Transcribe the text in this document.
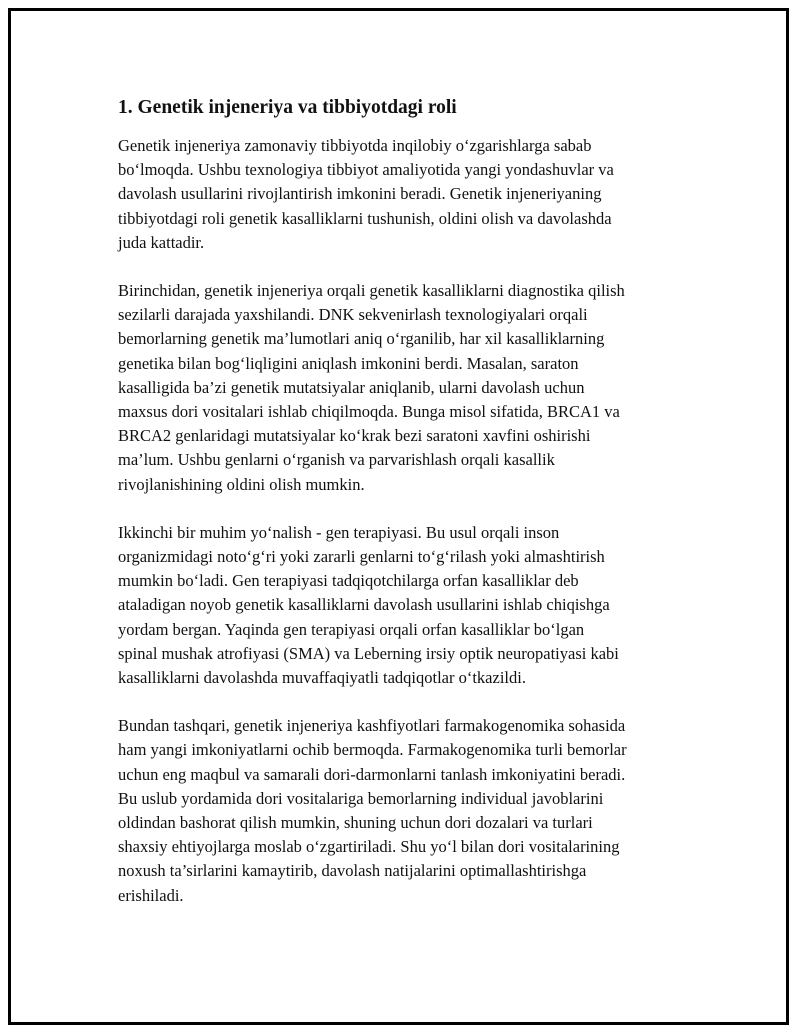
1. Genetik injeneriya va tibbiyotdagi roli

Genetik injeneriya zamonaviy tibbiyotda inqilobiy o‘zgarishlarga sabab
bo‘lmoqda. Ushbu texnologiya tibbiyot amaliyotida yangi yondashuvlar va
davolash usullarini rivojlantirish imkonini beradi. Genetik injeneriyaning
tibbiyotdagi roli genetik kasalliklarni tushunish, oldini olish va davolashda
juda kattadir.

Birinchidan, genetik injeneriya orqali genetik kasalliklarni diagnostika qilish
sezilarli darajada yaxshilandi. DNK sekvenirlash texnologiyalari orqali
bemorlarning genetik ma’lumotlari aniq o‘rganilib, har xil kasalliklarning
genetika bilan bog‘liqligini aniqlash imkonini berdi. Masalan, saraton
kasalligida ba’zi genetik mutatsiyalar aniqlanib, ularni davolash uchun
maxsus dori vositalari ishlab chiqilmoqda. Bunga misol sifatida, BRCA1 va
BRCA2 genlaridagi mutatsiyalar ko‘krak bezi saratoni xavfini oshirishi
ma’lum. Ushbu genlarni o‘rganish va parvarishlash orqali kasallik
rivojlanishining oldini olish mumkin.

Ikkinchi bir muhim yo‘nalish - gen terapiyasi. Bu usul orqali inson
organizmidagi noto‘g‘ri yoki zararli genlarni to‘g‘rilash yoki almashtirish
mumkin bo‘ladi. Gen terapiyasi tadqiqotchilarga orfan kasalliklar deb
ataladigan noyob genetik kasalliklarni davolash usullarini ishlab chiqishga
yordam bergan. Yaqinda gen terapiyasi orqali orfan kasalliklar bo‘lgan
spinal mushak atrofiyasi (SMA) va Leberning irsiy optik neuropatiyasi kabi
kasalliklarni davolashda muvaffaqiyatli tadqiqotlar o‘tkazildi.

Bundan tashqari, genetik injeneriya kashfiyotlari farmakogenomika sohasida
ham yangi imkoniyatlarni ochib bermoqda. Farmakogenomika turli bemorlar
uchun eng maqbul va samarali dori-darmonlarni tanlash imkoniyatini beradi.
Bu uslub yordamida dori vositalariga bemorlarning individual javoblarini
oldindan bashorat qilish mumkin, shuning uchun dori dozalari va turlari
shaxsiy ehtiyojlarga moslab o‘zgartiriladi. Shu yo‘l bilan dori vositalarining
noxush ta’sirlarini kamaytirib, davolash natijalarini optimallashtirishga
erishiladi.
